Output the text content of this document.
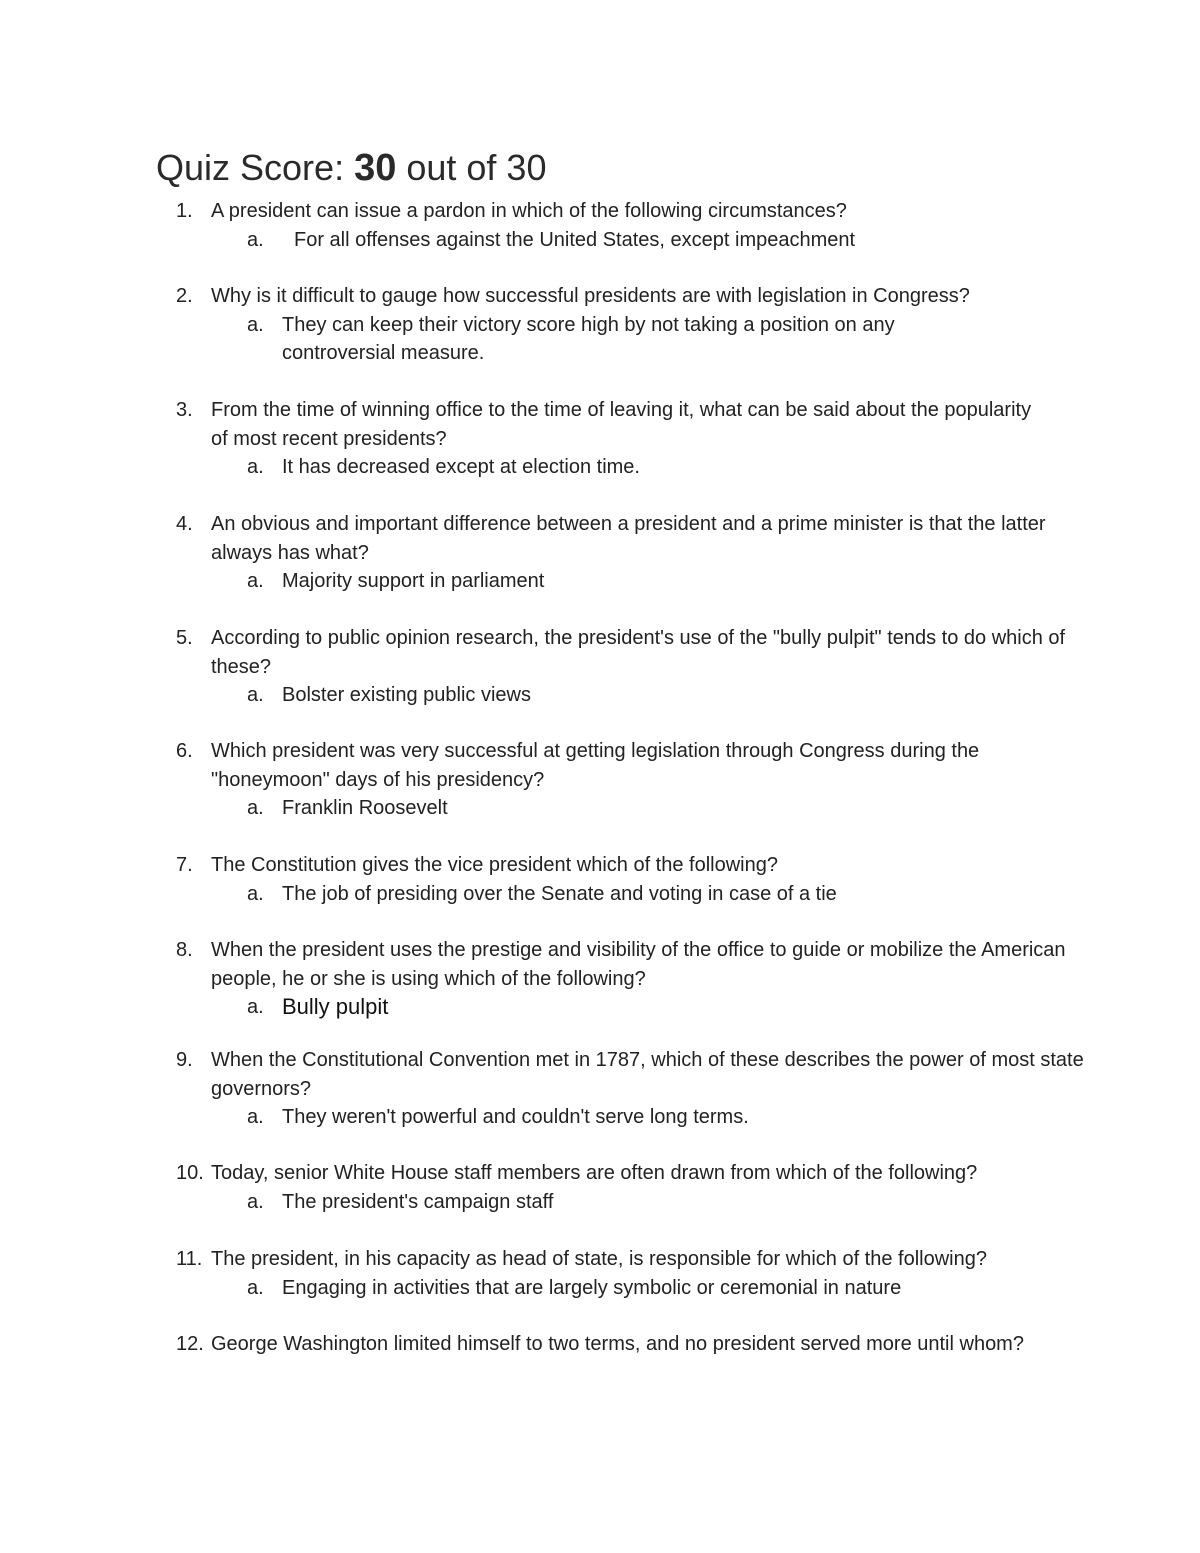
Quiz Score: 30 out of 30
1. A president can issue a pardon in which of the following circumstances?
a.	For all offenses against the United States, except impeachment
2. Why is it difficult to gauge how successful presidents are with legislation in Congress?
a. They can keep their victory score high by not taking a position on any controversial measure.
3. From the time of winning office to the time of leaving it, what can be said about the popularity of most recent presidents?
a. It has decreased except at election time.
4. An obvious and important difference between a president and a prime minister is that the latter always has what?
a. Majority support in parliament
5. According to public opinion research, the president's use of the "bully pulpit" tends to do which of these?
a. Bolster existing public views
6. Which president was very successful at getting legislation through Congress during the "honeymoon" days of his presidency?
a. Franklin Roosevelt
7. The Constitution gives the vice president which of the following?
a. The job of presiding over the Senate and voting in case of a tie
8. When the president uses the prestige and visibility of the office to guide or mobilize the American people, he or she is using which of the following?
a. Bully pulpit
9. When the Constitutional Convention met in 1787, which of these describes the power of most state governors?
a. They weren't powerful and couldn't serve long terms.
10. Today, senior White House staff members are often drawn from which of the following?
a. The president's campaign staff
11. The president, in his capacity as head of state, is responsible for which of the following?
a. Engaging in activities that are largely symbolic or ceremonial in nature
12. George Washington limited himself to two terms, and no president served more until whom?
